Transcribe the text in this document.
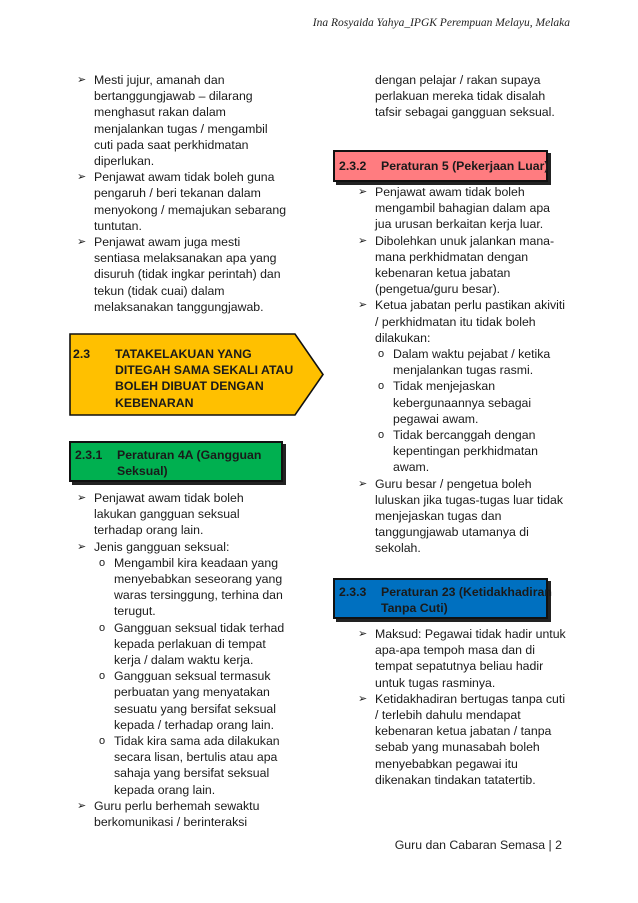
Ina Rosyaida Yahya_IPGK Perempuan Melayu, Melaka
➢ Mesti jujur, amanah dan
bertanggungjawab – dilarang
menghasut rakan dalam
menjalankan tugas / mengambil
cuti pada saat perkhidmatan
diperlukan.
➢ Penjawat awam tidak boleh guna
pengaruh / beri tekanan dalam
menyokong / memajukan sebarang
tuntutan.
➢ Penjawat awam juga mesti
sentiasa melaksanakan apa yang
disuruh (tidak ingkar perintah) dan
tekun (tidak cuai) dalam
melaksanakan tanggungjawab.
2.3 TATAKELAKUAN YANG
DITEGAH SAMA SEKALI ATAU
BOLEH DIBUAT DENGAN
KEBENARAN
2.3.1 Peraturan 4A (Gangguan
Seksual)
➢ Penjawat awam tidak boleh
lakukan gangguan seksual
terhadap orang lain.
➢ Jenis gangguan seksual:
o Mengambil kira keadaan yang
menyebabkan seseorang yang
waras tersinggung, terhina dan
terugut.
o Gangguan seksual tidak terhad
kepada perlakuan di tempat
kerja / dalam waktu kerja.
o Gangguan seksual termasuk
perbuatan yang menyatakan
sesuatu yang bersifat seksual
kepada / terhadap orang lain.
o Tidak kira sama ada dilakukan
secara lisan, bertulis atau apa
sahaja yang bersifat seksual
kepada orang lain.
➢ Guru perlu berhemah sewaktu
berkomunikasi / berinteraksi
dengan pelajar / rakan supaya
perlakuan mereka tidak disalah
tafsir sebagai gangguan seksual.
2.3.2 Peraturan 5 (Pekerjaan Luar)
➢ Penjawat awam tidak boleh
mengambil bahagian dalam apa
jua urusan berkaitan kerja luar.
➢ Dibolehkan unuk jalankan mana-
mana perkhidmatan dengan
kebenaran ketua jabatan
(pengetua/guru besar).
➢ Ketua jabatan perlu pastikan akiviti
/ perkhidmatan itu tidak boleh
dilakukan:
o Dalam waktu pejabat / ketika
menjalankan tugas rasmi.
o Tidak menjejaskan
kebergunaannya sebagai
pegawai awam.
o Tidak bercanggah dengan
kepentingan perkhidmatan
awam.
➢ Guru besar / pengetua boleh
luluskan jika tugas-tugas luar tidak
menjejaskan tugas dan
tanggungjawab utamanya di
sekolah.
2.3.3 Peraturan 23 (Ketidakhadiran
Tanpa Cuti)
➢ Maksud: Pegawai tidak hadir untuk
apa-apa tempoh masa dan di
tempat sepatutnya beliau hadir
untuk tugas rasminya.
➢ Ketidakhadiran bertugas tanpa cuti
/ terlebih dahulu mendapat
kebenaran ketua jabatan / tanpa
sebab yang munasabah boleh
menyebabkan pegawai itu
dikenakan tindakan tatatertib.
Guru dan Cabaran Semasa | 2
